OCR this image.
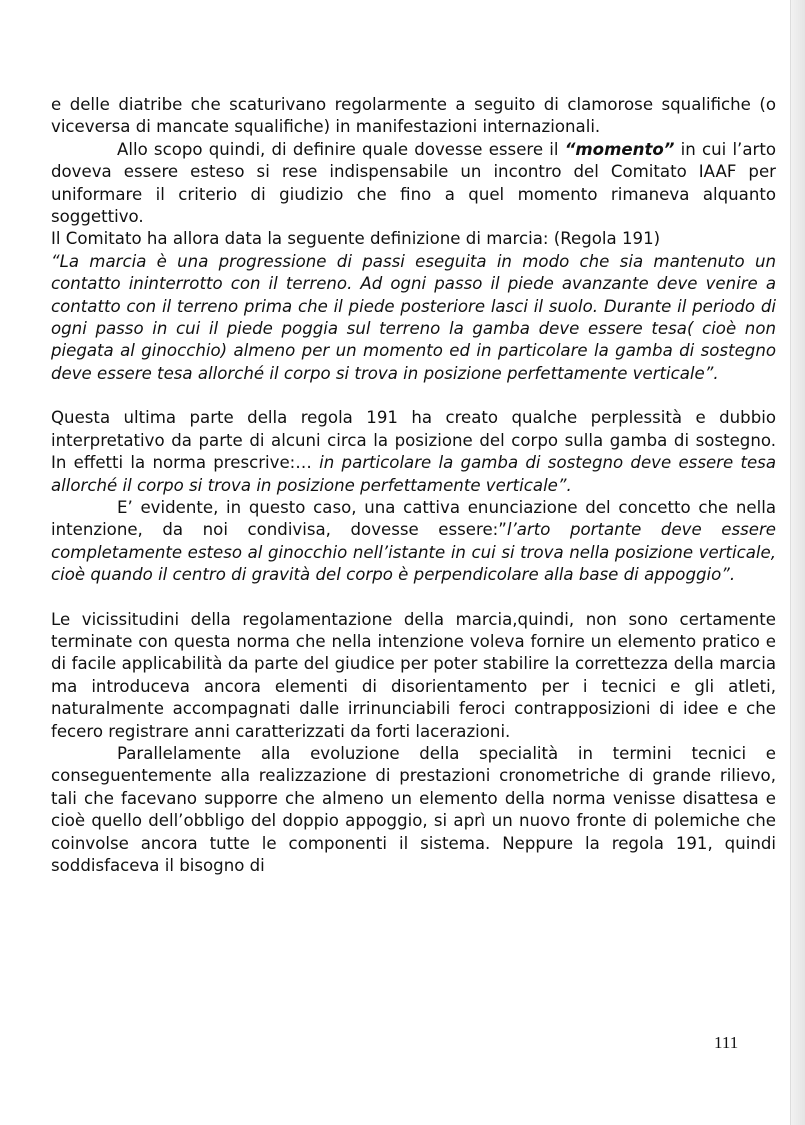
e delle diatribe che scaturivano regolarmente a seguito di clamorose squalifiche (o viceversa di mancate squalifiche) in manifestazioni internazionali.

Allo scopo quindi, di definire quale dovesse essere il “momento” in cui l’arto doveva essere esteso si rese indispensabile un incontro del Comitato IAAF per uniformare il criterio di giudizio che fino a quel momento rimaneva alquanto soggettivo.

Il Comitato ha allora data la seguente definizione di marcia: (Regola 191)

“La marcia è una progressione di passi eseguita in modo che sia mantenuto un contatto ininterrotto con il terreno. Ad ogni passo il piede avanzante deve venire a contatto con il terreno prima che il piede posteriore lasci il suolo. Durante il periodo di ogni passo in cui il piede poggia sul terreno la gamba deve essere tesa( cioè non piegata al ginocchio) almeno per un momento ed in particolare la gamba di sostegno deve essere tesa allorché il corpo si trova in posizione perfettamente verticale”.

Questa ultima parte della regola 191 ha creato qualche perplessità e dubbio interpretativo da parte di alcuni circa la posizione del corpo sulla gamba di sostegno. In effetti la norma prescrive:… in particolare la gamba di sostegno deve essere tesa allorché il corpo si trova in posizione perfettamente verticale”.

E’ evidente, in questo caso, una cattiva enunciazione del concetto che nella intenzione, da noi condivisa, dovesse essere:”l’arto portante deve essere completamente esteso al ginocchio nell’istante in cui si trova nella posizione verticale, cioè quando il centro di gravità del corpo è perpendicolare alla base di appoggio”.

Le vicissitudini della regolamentazione della marcia,quindi, non sono certamente terminate con questa norma che nella intenzione voleva fornire un elemento pratico e di facile applicabilità da parte del giudice per poter stabilire la correttezza della marcia ma introduceva ancora elementi di disorientamento per i tecnici e gli atleti, naturalmente accompagnati dalle irrinunciabili feroci contrapposizioni di idee e che fecero registrare anni caratterizzati da forti lacerazioni.

Parallelamente alla evoluzione della specialità in termini tecnici e conseguentemente alla realizzazione di prestazioni cronometriche di grande rilievo, tali che facevano supporre che almeno un elemento della norma venisse disattesa e cioè quello dell’obbligo del doppio appoggio, si aprì un nuovo fronte di polemiche che coinvolse ancora tutte le componenti il sistema. Neppure la regola 191, quindi soddisfaceva il bisogno di

111
